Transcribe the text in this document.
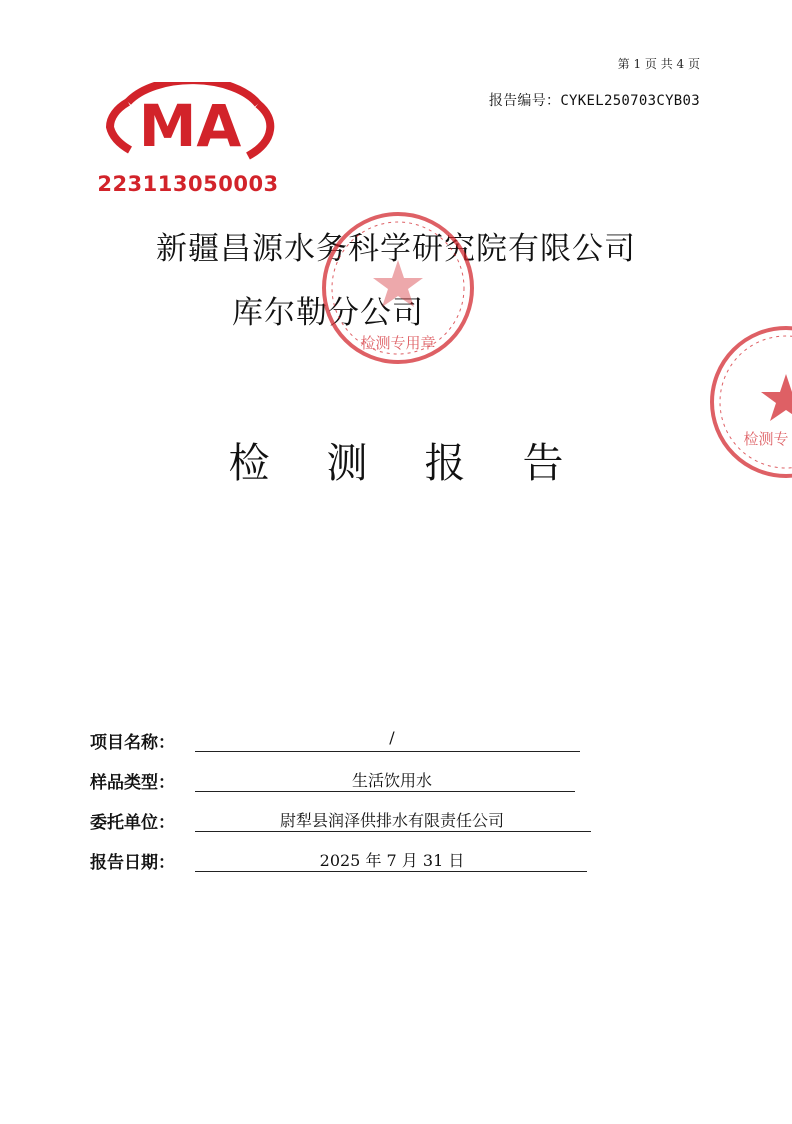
第 1 页 共 4 页
报告编号：CYKEL250703CYB03
MA
223113050003
新疆昌源水务科学研究院有限公司
库尔勒分公司
检 测 报 告
检测专用章
检测专
项目名称：	/
样品类型：	生活饮用水
委托单位：	尉犁县润泽供排水有限责任公司
报告日期：	2025 年 7 月 31 日
